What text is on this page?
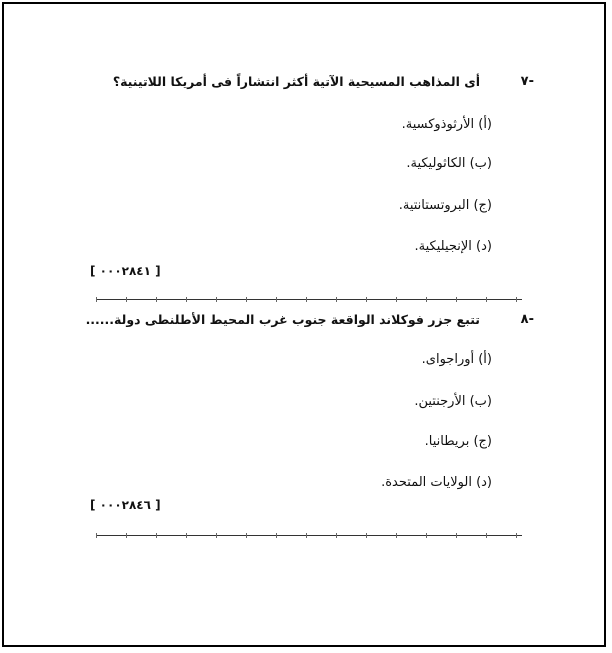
-٧
أى المذاهب المسيحية الآتية أكثر انتشاراً فى أمريكا اللاتينية؟
(أ) الأرثوذوكسية.
(ب) الكاثوليكية.
(ج) البروتستانتية.
(د) الإنجيليكية.
[ ٠٠٠٢٨٤١ ]
-٨
تتبع جزر فوكلاند الواقعة جنوب غرب المحيط الأطلنطى دولة......
(أ) أوراجواى.
(ب) الأرجنتين.
(ج) بريطانيا.
(د) الولايات المتحدة.
[ ٠٠٠٢٨٤٦ ]
